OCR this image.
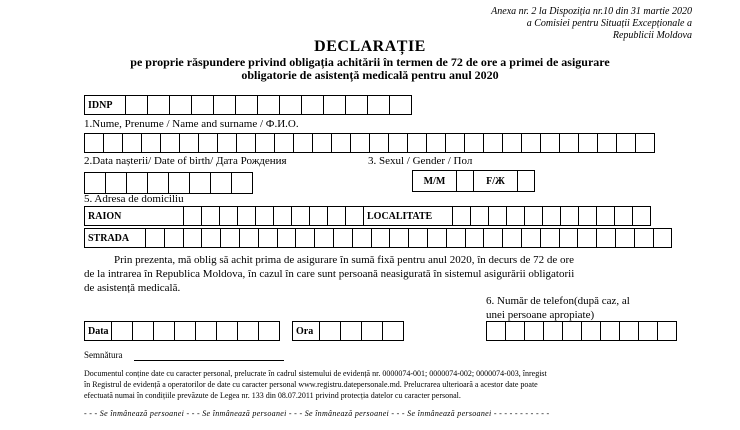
Anexa nr. 2 la Dispoziția nr.10 din 31 martie 2020
a Comisiei pentru Situații Excepționale a
Republicii Moldova
DECLARAȚIE
pe proprie răspundere privind obligația achitării în termen de 72 de ore a primei de asigurare
obligatorie de asistență medicală pentru anul 2020
IDNP
1.Nume, Prenume / Name and surname / Ф.И.О.
2.Data nașterii/ Date of birth/ Дата Рождения	3. Sexul / Gender / Пол
M/M	F/Ж
5. Adresa de domiciliu
RAION	LOCALITATE
STRADA
Prin prezenta, mă oblig să achit prima de asigurare în sumă fixă pentru anul 2020, în decurs de 72 de ore
de la intrarea în Republica Moldova, în cazul în care sunt persoană neasigurată în sistemul asigurării obligatorii
de asistență medicală.
6. Număr de telefon(după caz, al
unei persoane apropiate)
Data	Ora
Semnătura
Documentul conține date cu caracter personal, prelucrate în cadrul sistemului de evidență nr. 0000074-001; 0000074-002; 0000074-003, înregist
în Registrul de evidență a operatorilor de date cu caracter personal www.registru.datepersonale.md. Prelucrarea ulterioară a acestor date poate
efectuată numai în condițiile prevăzute de Legea nr. 133 din 08.07.2011 privind protecția datelor cu caracter personal.
- - - Se înmânează persoanei - - - Se înmânează persoanei - - - Se înmânează persoanei - - - Se înmânează persoanei - - - - - - - - - - -
